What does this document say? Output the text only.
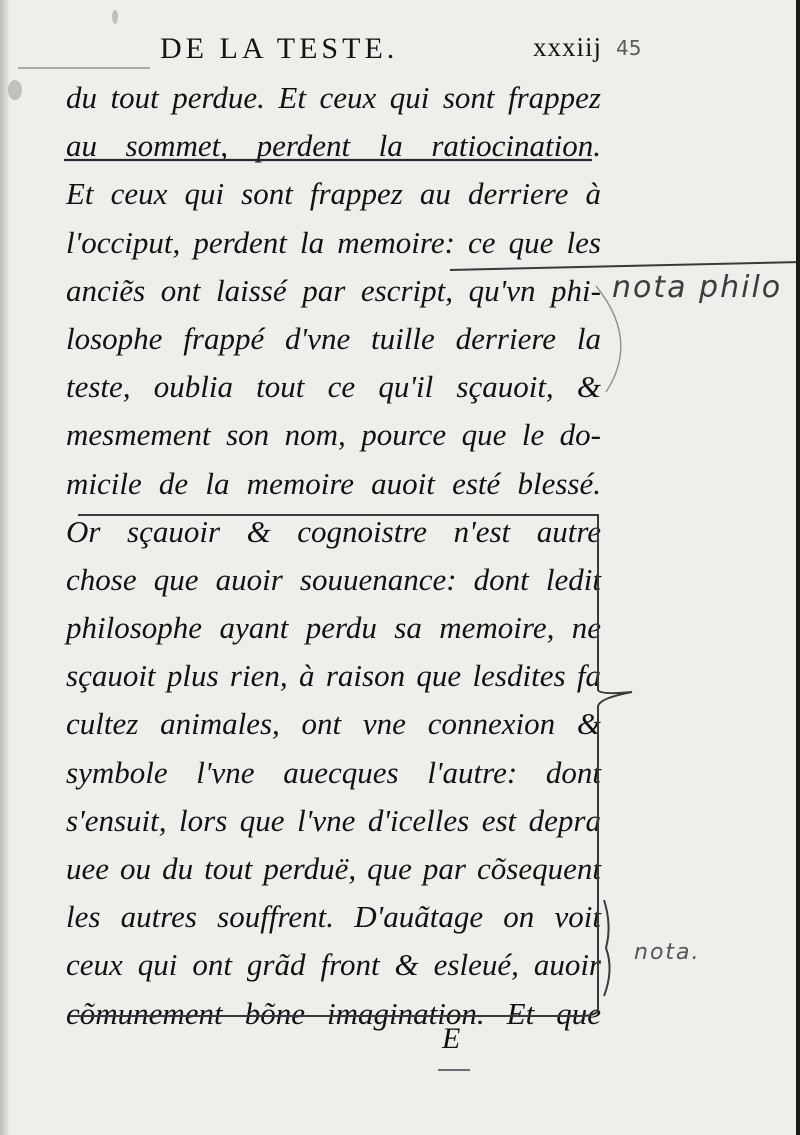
DE LA TESTE.	xxxiij 45
du tout perdue. Et ceux qui sont frappez
au sommet, perdent la ratiocination.
Et ceux qui sont frappez au derriere à
l'occiput, perdent la memoire: ce que les
anciẽs ont laissé par escript, qu'vn phi-
losophe frappé d'vne tuille derriere la
teste, oublia tout ce qu'il sçauoit, &
mesmement son nom, pource que le do-
micile de la memoire auoit esté blessé.
Or sçauoir & cognoistre n'est autre
chose que auoir souuenance: dont ledit
philosophe ayant perdu sa memoire, ne
sçauoit plus rien, à raison que lesdites fa
cultez animales, ont vne connexion &
symbole l'vne auecques l'autre: dont
s'ensuit, lors que l'vne d'icelles est depra
uee ou du tout perduë, que par cõsequent
les autres souffrent. D'auãtage on voit
ceux qui ont grãd front & esleué, auoir
cõmunement bõne imagination. Et que
E
nota philo
nota.
